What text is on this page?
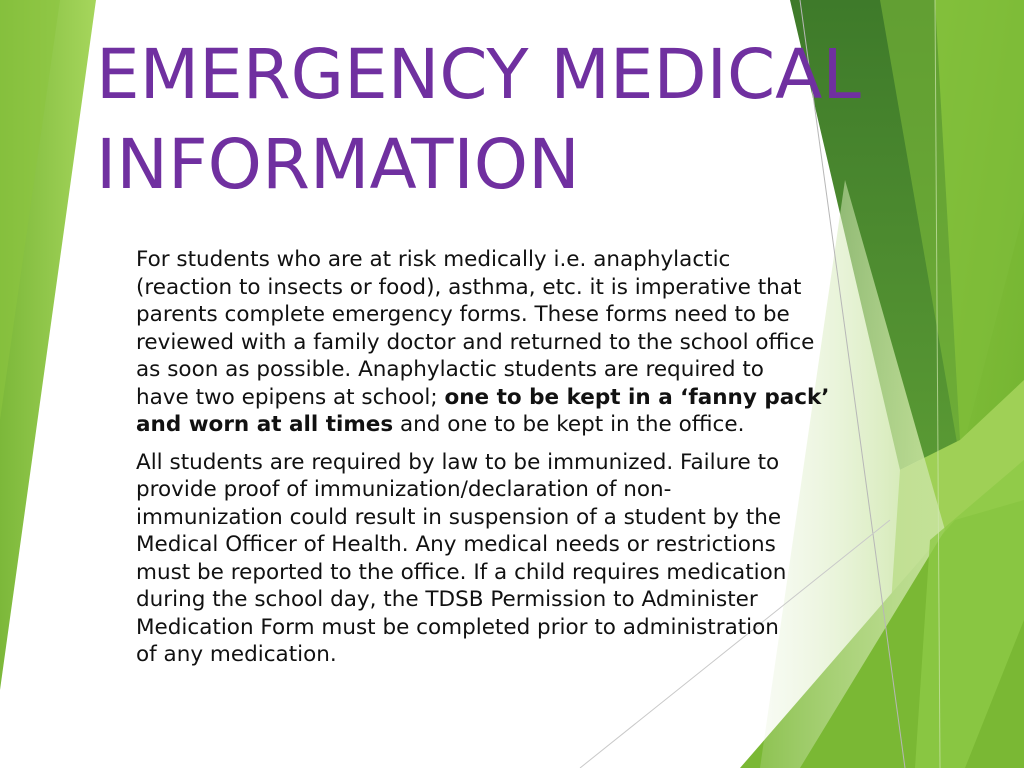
EMERGENCY MEDICAL
INFORMATION

For students who are at risk medically i.e. anaphylactic
(reaction to insects or food), asthma, etc. it is imperative that
parents complete emergency forms. These forms need to be
reviewed with a family doctor and returned to the school office
as soon as possible. Anaphylactic students are required to
have two epipens at school; one to be kept in a ‘fanny pack’
and worn at all times and one to be kept in the office.

All students are required by law to be immunized. Failure to
provide proof of immunization/declaration of non-
immunization could result in suspension of a student by the
Medical Officer of Health. Any medical needs or restrictions
must be reported to the office. If a child requires medication
during the school day, the TDSB Permission to Administer
Medication Form must be completed prior to administration
of any medication.
